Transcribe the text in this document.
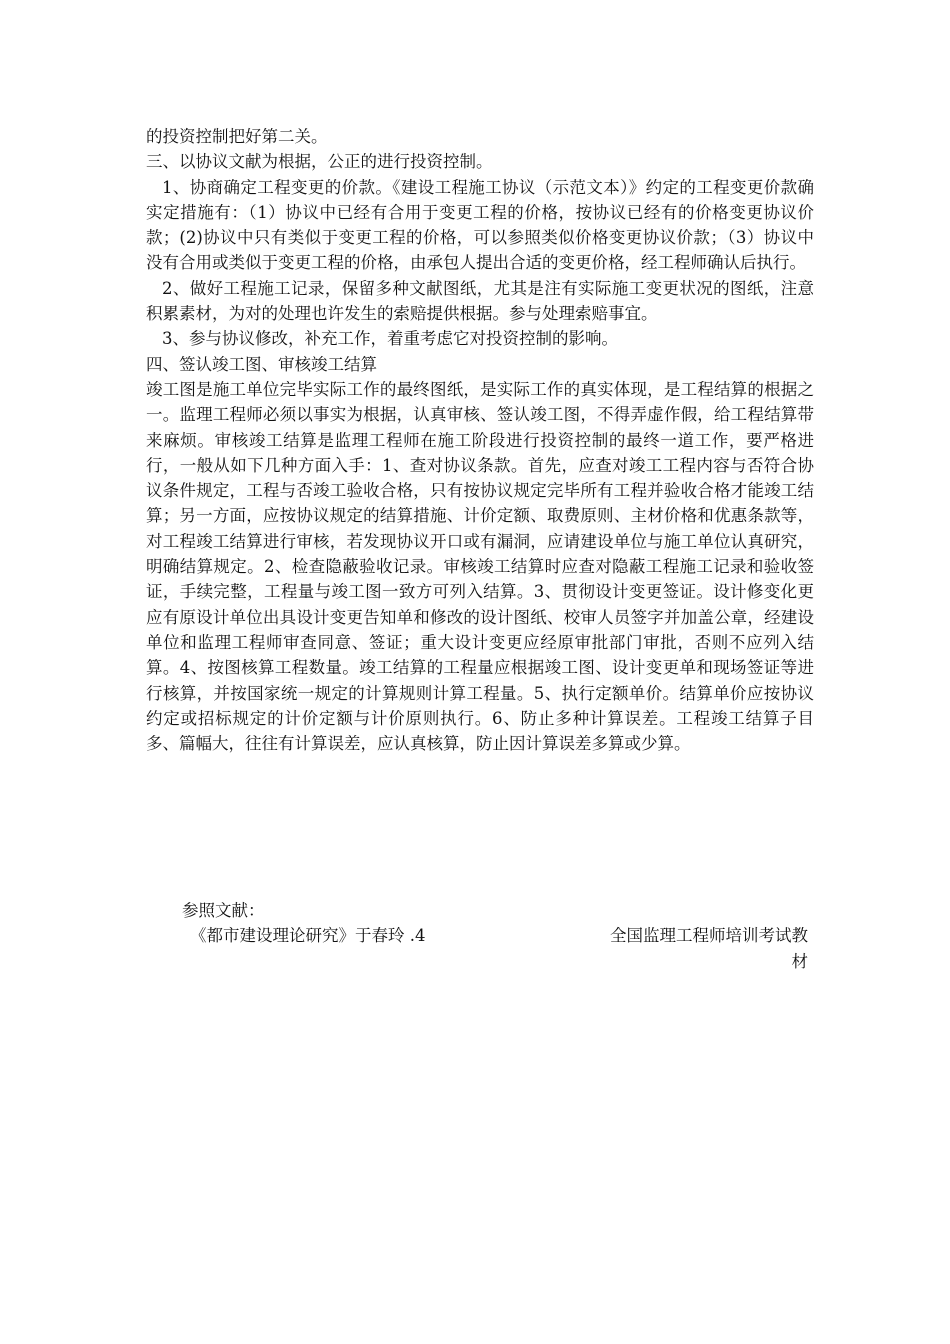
的投资控制把好第二关。

三、以协议文献为根据，公正的进行投资控制。

1、协商确定工程变更的价款。《建设工程施工协议（示范文本）》约定的工程变更价款确实定措施有：（1）协议中已经有合用于变更工程的价格，按协议已经有的价格变更协议价款；(2)协议中只有类似于变更工程的价格，可以参照类似价格变更协议价款；（3）协议中没有合用或类似于变更工程的价格，由承包人提出合适的变更价格，经工程师确认后执行。

2、做好工程施工记录，保留多种文献图纸，尤其是注有实际施工变更状况的图纸，注意积累素材，为对的处理也许发生的索赔提供根据。参与处理索赔事宜。

3、参与协议修改，补充工作，着重考虑它对投资控制的影响。

四、签认竣工图、审核竣工结算

竣工图是施工单位完毕实际工作的最终图纸，是实际工作的真实体现，是工程结算的根据之一。监理工程师必须以事实为根据，认真审核、签认竣工图，不得弄虚作假，给工程结算带来麻烦。审核竣工结算是监理工程师在施工阶段进行投资控制的最终一道工作，要严格进行，一般从如下几种方面入手：1、查对协议条款。首先，应查对竣工工程内容与否符合协议条件规定，工程与否竣工验收合格，只有按协议规定完毕所有工程并验收合格才能竣工结算；另一方面，应按协议规定的结算措施、计价定额、取费原则、主材价格和优惠条款等，对工程竣工结算进行审核，若发现协议开口或有漏洞，应请建设单位与施工单位认真研究，明确结算规定。2、检查隐蔽验收记录。审核竣工结算时应查对隐蔽工程施工记录和验收签证，手续完整，工程量与竣工图一致方可列入结算。3、贯彻设计变更签证。设计修变化更应有原设计单位出具设计变更告知单和修改的设计图纸、校审人员签字并加盖公章，经建设单位和监理工程师审查同意、签证；重大设计变更应经原审批部门审批，否则不应列入结算。4、按图核算工程数量。竣工结算的工程量应根据竣工图、设计变更单和现场签证等进行核算，并按国家统一规定的计算规则计算工程量。5、执行定额单价。结算单价应按协议约定或招标规定的计价定额与计价原则执行。6、防止多种计算误差。工程竣工结算子目多、篇幅大，往往有计算误差，应认真核算，防止因计算误差多算或少算。

参照文献：

《都市建设理论研究》于春玲 .4	全国监理工程师培训考试教材
